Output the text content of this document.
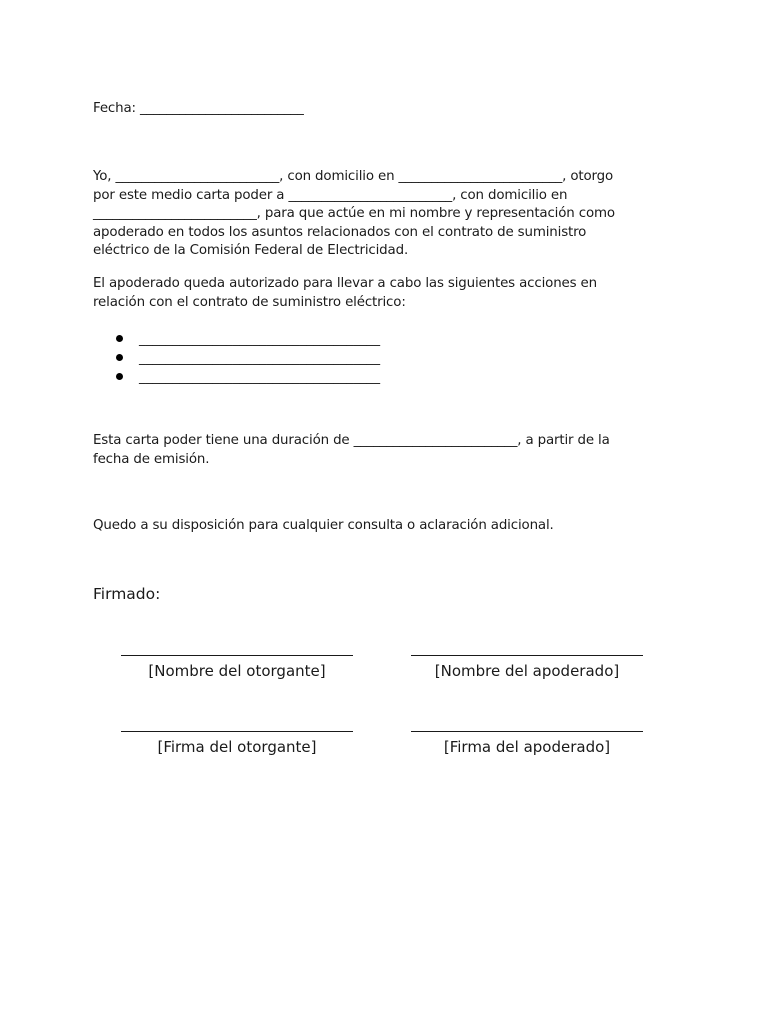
Fecha: _________________________

Yo, _________________________, con domicilio en _________________________, otorgo

por este medio carta poder a _________________________, con domicilio en

_________________________, para que actúe en mi nombre y representación como

apoderado en todos los asuntos relacionados con el contrato de suministro

eléctrico de la Comisión Federal de Electricidad.

El apoderado queda autorizado para llevar a cabo las siguientes acciones en

relación con el contrato de suministro eléctrico:

____________________________________
____________________________________
____________________________________

Esta carta poder tiene una duración de _________________________, a partir de la

fecha de emisión.

Quedo a su disposición para cualquier consulta o aclaración adicional.

Firmado:

[Nombre del otorgante]	[Nombre del apoderado]
[Firma del otorgante]	[Firma del apoderado]
